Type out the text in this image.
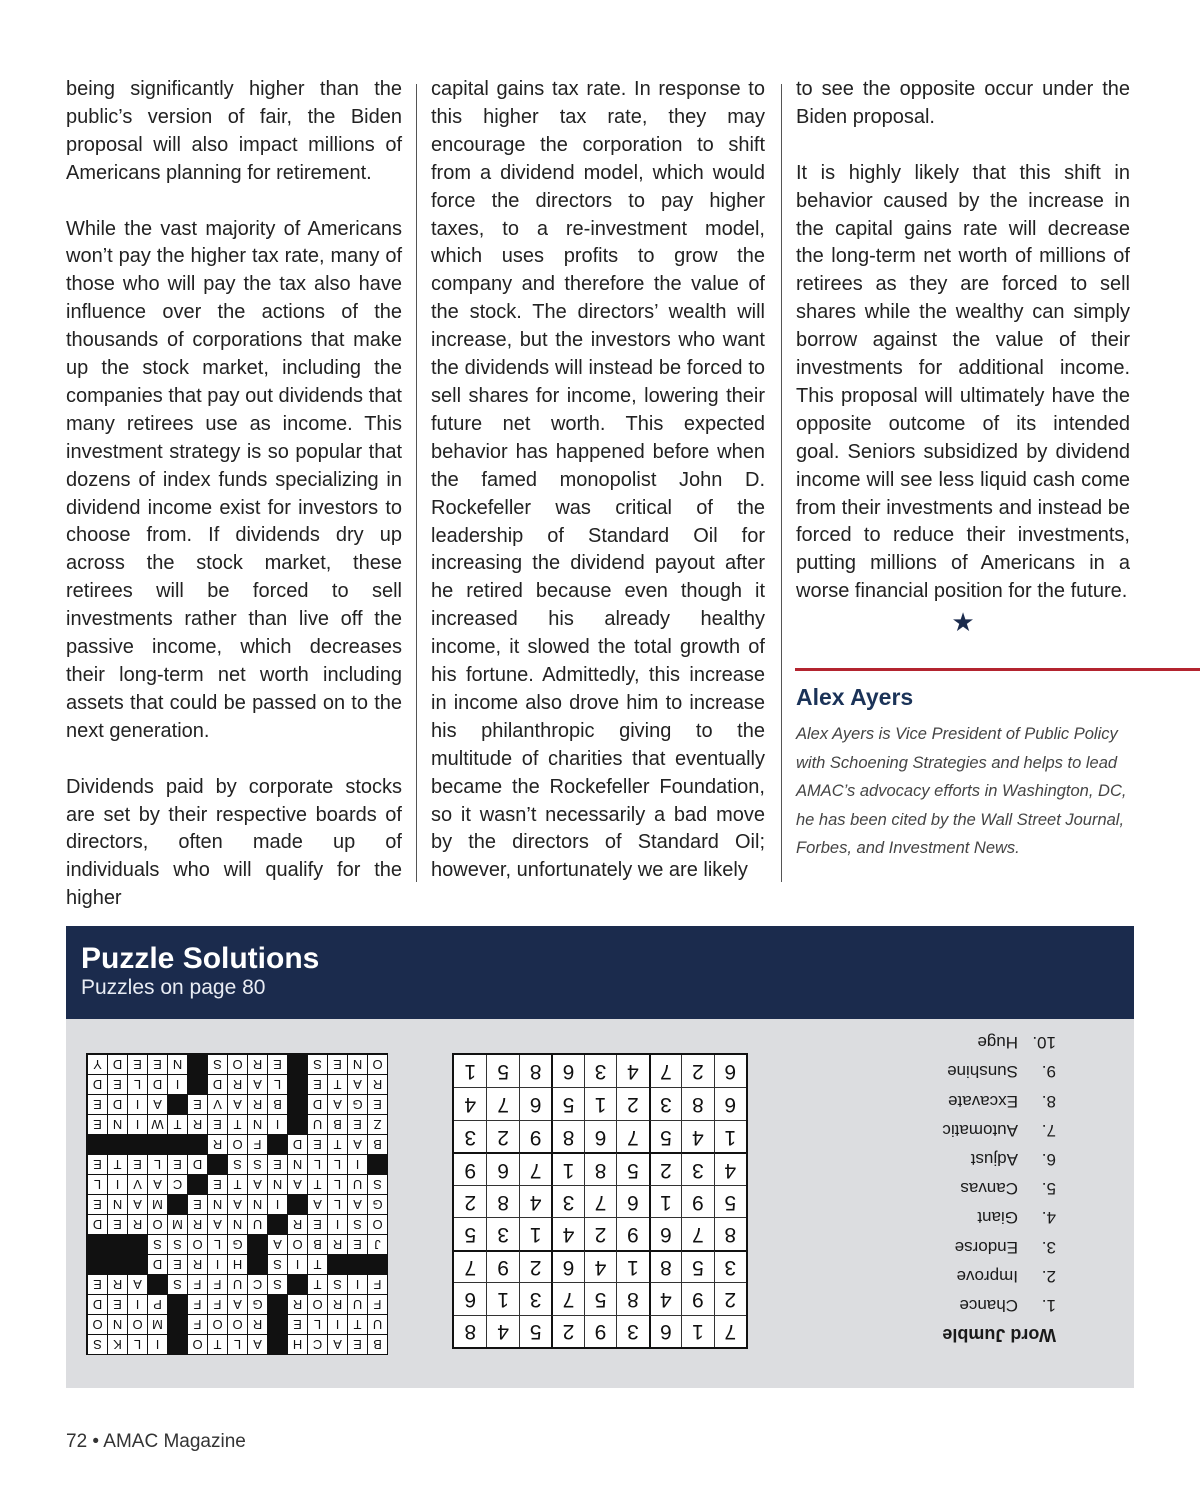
being significantly higher than the public’s version of fair, the Biden proposal will also impact millions of Americans planning for retirement.

While the vast majority of Americans won’t pay the higher tax rate, many of those who will pay the tax also have influence over the actions of the thousands of corporations that make up the stock market, including the companies that pay out dividends that many retirees use as income. This investment strategy is so popular that dozens of index funds specializing in dividend income exist for investors to choose from. If dividends dry up across the stock market, these retirees will be forced to sell investments rather than live off the passive income, which decreases their long-term net worth including assets that could be passed on to the next generation.

Dividends paid by corporate stocks are set by their respective boards of directors, often made up of individuals who will qualify for the higher

capital gains tax rate. In response to this higher tax rate, they may encourage the corporation to shift from a dividend model, which would force the directors to pay higher taxes, to a re-investment model, which uses profits to grow the company and therefore the value of the stock. The directors’ wealth will increase, but the investors who want the dividends will instead be forced to sell shares for income, lowering their future net worth. This expected behavior has happened before when the famed monopolist John D. Rockefeller was critical of the leadership of Standard Oil for increasing the dividend payout after he retired because even though it increased his already healthy income, it slowed the total growth of his fortune. Admittedly, this increase in income also drove him to increase his philanthropic giving to the multitude of charities that eventually became the Rockefeller Foundation, so it wasn’t necessarily a bad move by the directors of Standard Oil; however, unfortunately we are likely

to see the opposite occur under the Biden proposal.

It is highly likely that this shift in behavior caused by the increase in the capital gains rate will decrease the long-term net worth of millions of retirees as they are forced to sell shares while the wealthy can simply borrow against the value of their investments for additional income. This proposal will ultimately have the opposite outcome of its intended goal. Seniors subsidized by dividend income will see less liquid cash come from their investments and instead be forced to reduce their investments, putting millions of Americans in a worse financial position for the future.

★
Alex Ayers
Alex Ayers is Vice President of Public Policy with Schoening Strategies and helps to lead AMAC’s advocacy efforts in Washington, DC, he has been cited by the Wall Street Journal, Forbes, and Investment News.
Puzzle Solutions
Puzzles on page 80
B
E
A
C
H
A
L
T
O
I
L
K
S
U
T
I
L
E
R
O
O
F
M
O
N
O
F
U
R
O
R
G
A
F
F
P
I
E
D
F
I
S
T
S
C
U
F
F
S
A
R
E
T
I
S
H
I
R
E
D
J
E
R
B
O
A
G
L
O
S
S
O
S
I
E
R
U
N
A
R
M
O
R
E
D
G
A
L
A
I
N
A
N
E
M
A
N
E
S
U
L
T
A
N
A
T
E
C
A
V
I
L
I
L
L
N
E
S
S
D
E
L
E
T
E
B
A
T
E
D
F
O
R
Z
E
B
U
I
N
T
E
R
T
W
I
N
E
E
G
A
D
B
R
A
V
E
A
I
D
E
R
A
T
E
L
A
R
D
I
D
L
E
D
O
N
E
S
E
R
O
S
N
E
E
D
Y
7
1
6
3
9
2
5
4
8
2
9
4
8
5
7
3
1
6
3
5
8
1
4
6
2
9
7
8
7
6
9
2
4
1
3
5
5
9
1
6
7
3
4
8
2
4
3
2
5
8
1
7
6
9
1
4
5
7
6
8
9
2
3
6
8
3
2
1
5
6
7
4
6
2
7
4
3
6
8
5
1
Word Jumble
1.Chance
2.Improve
3.Endorse
4.Giant
5.Canvas
6.Adjust
7.Automatic
8.Excavate
9.Sunshine
10.Huge
72 • AMAC Magazine
